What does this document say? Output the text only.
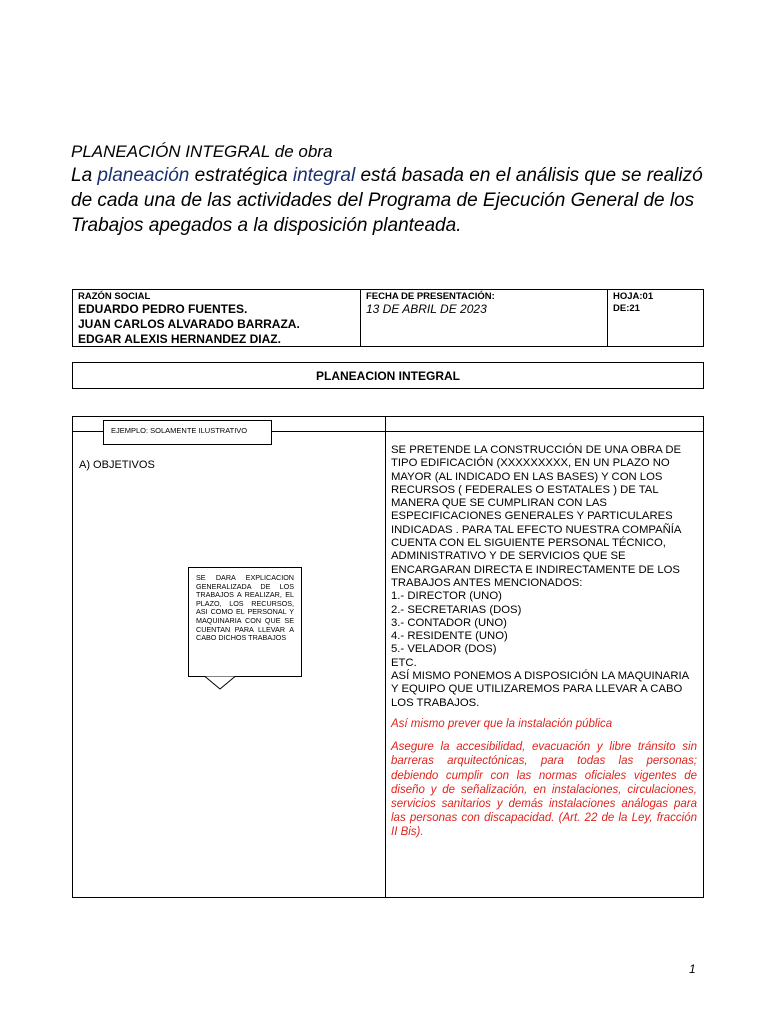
PLANEACIÓN INTEGRAL de obra
La planeación estratégica integral está basada en el análisis que se realizó de cada una de las actividades del Programa de Ejecución General de los Trabajos apegados a la disposición planteada.
RAZÓN SOCIAL
EDUARDO PEDRO FUENTES.
JUAN CARLOS ALVARADO BARRAZA.
EDGAR ALEXIS HERNANDEZ DIAZ.
FECHA DE PRESENTACIÓN:
13 DE ABRIL DE 2023
HOJA:01
DE:21
PLANEACION INTEGRAL
EJEMPLO: SOLAMENTE ILUSTRATIVO
A) OBJETIVOS
SE DARA EXPLICACION GENERALIZADA DE LOS TRABAJOS A REALIZAR, EL PLAZO, LOS RECURSOS, ASI COMO EL PERSONAL Y MAQUINARIA CON QUE SE CUENTAN PARA LLEVAR A CABO DICHOS TRABAJOS
SE PRETENDE LA CONSTRUCCIÓN DE UNA OBRA DE
TIPO EDIFICACIÓN (XXXXXXXXX, EN UN PLAZO NO
MAYOR (AL INDICADO EN LAS BASES) Y CON LOS
RECURSOS ( FEDERALES O ESTATALES ) DE TAL
MANERA QUE SE CUMPLIRAN CON LAS
ESPECIFICACIONES GENERALES Y PARTICULARES
INDICADAS . PARA TAL EFECTO NUESTRA COMPAÑÍA
CUENTA CON EL SIGUIENTE PERSONAL TÉCNICO,
ADMINISTRATIVO Y DE SERVICIOS QUE SE
ENCARGARAN DIRECTA E INDIRECTAMENTE DE LOS
TRABAJOS ANTES MENCIONADOS:
1.- DIRECTOR (UNO)
2.- SECRETARIAS (DOS)
3.- CONTADOR (UNO)
4.- RESIDENTE (UNO)
5.- VELADOR (DOS)
ETC.
ASÍ MISMO PONEMOS A DISPOSICIÓN LA MAQUINARIA
Y EQUIPO QUE UTILIZAREMOS PARA LLEVAR A CABO
LOS TRABAJOS.
Así mismo prever que la instalación pública
Asegure la accesibilidad, evacuación y libre tránsito sin barreras arquitectónicas, para todas las personas; debiendo cumplir con las normas oficiales vigentes de diseño y de señalización, en instalaciones, circulaciones, servicios sanitarios y demás instalaciones análogas para las personas con discapacidad. (Art. 22 de la Ley, fracción II Bis).
1
